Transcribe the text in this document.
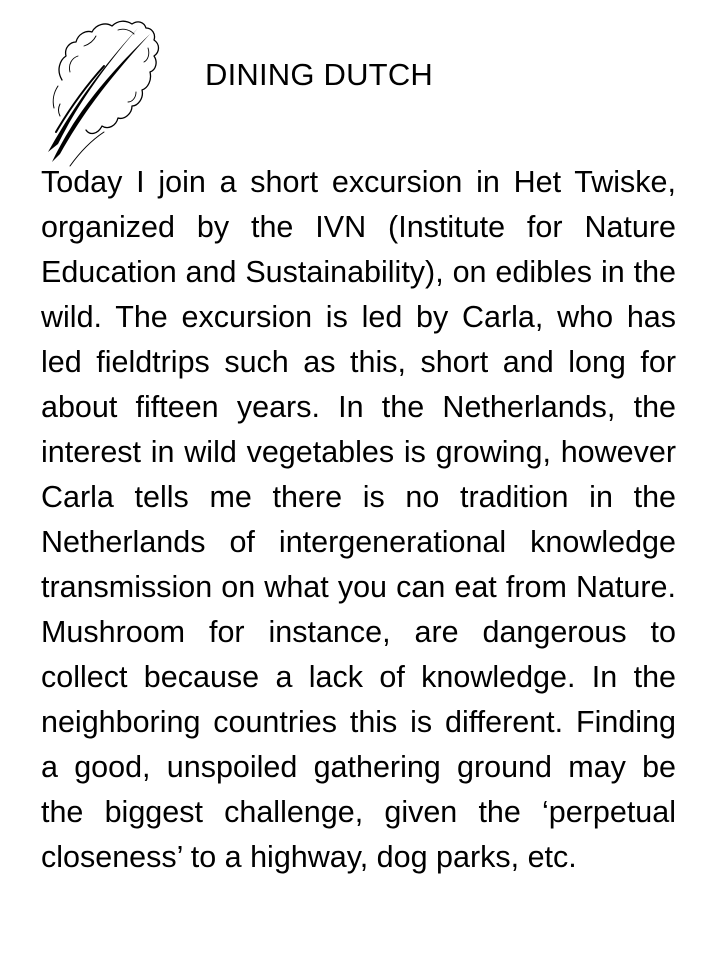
DINING DUTCH

Today I join a short excursion in Het Twiske, organized by the IVN (Institute for Nature Education and Sustainability), on edibles in the wild. The excursion is led by Carla, who has led fieldtrips such as this, short and long for about fifteen years. In the Netherlands, the interest in wild vegetables is growing, however Carla tells me there is no tradition in the Netherlands of intergenerational knowledge transmission on what you can eat from Nature. Mushroom for instance, are dangerous to collect because a lack of knowledge. In the neighboring countries this is different. Finding a good, unspoiled gathering ground may be the biggest challenge, given the ‘perpetual closeness’ to a highway, dog parks, etc.
